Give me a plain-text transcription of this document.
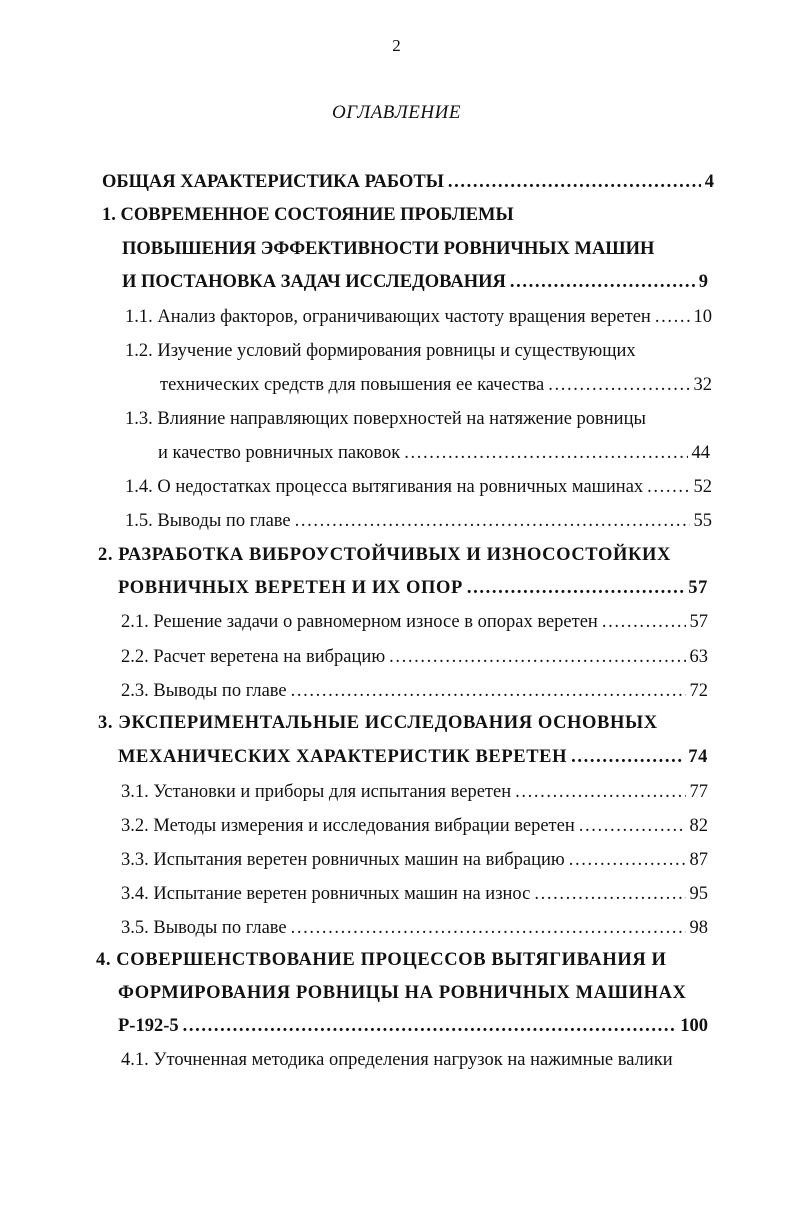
2
ОГЛАВЛЕНИЕ
ОБЩАЯ ХАРАКТЕРИСТИКА РАБОТЫ . . .	4
1. СОВРЕМЕННОЕ СОСТОЯНИЕ ПРОБЛЕМЫ
ПОВЫШЕНИЯ ЭФФЕКТИВНОСТИ РОВНИЧНЫХ МАШИН
И ПОСТАНОВКА ЗАДАЧ ИССЛЕДОВАНИЯ . . .	9
1.1. Анализ факторов, ограничивающих частоту вращения веретен . . . 10
1.2. Изучение условий формирования ровницы и существующих
технических средств для повышения ее качества . . .	32
1.3. Влияние направляющих поверхностей на натяжение ровницы
и качество ровничных паковок . . .	44
1.4. О недостатках процесса вытягивания на ровничных машинах . . .	52
1.5. Выводы по главе . . .	55
2. РАЗРАБОТКА ВИБРОУСТОЙЧИВЫХ И ИЗНОСОСТОЙКИХ
РОВНИЧНЫХ ВЕРЕТЕН И ИХ ОПОР . . .	57
2.1. Решение задачи о равномерном износе в опорах веретен . . .	57
2.2. Расчет веретена на вибрацию . . .	63
2.3. Выводы по главе . . .	72
3. ЭКСПЕРИМЕНТАЛЬНЫЕ ИССЛЕДОВАНИЯ ОСНОВНЫХ
МЕХАНИЧЕСКИХ ХАРАКТЕРИСТИК ВЕРЕТЕН . . .	74
3.1. Установки и приборы для испытания веретен . . .	77
3.2. Методы измерения и исследования вибрации веретен . . .	82
3.3. Испытания веретен ровничных машин на вибрацию . . .	87
3.4. Испытание веретен ровничных машин на износ . . .	95
3.5. Выводы по главе . . .	98
4. СОВЕРШЕНСТВОВАНИЕ ПРОЦЕССОВ ВЫТЯГИВАНИЯ И
ФОРМИРОВАНИЯ РОВНИЦЫ НА РОВНИЧНЫХ МАШИНАХ
Р-192-5 . . .	100
4.1. Уточненная методика определения нагрузок на нажимные валики
